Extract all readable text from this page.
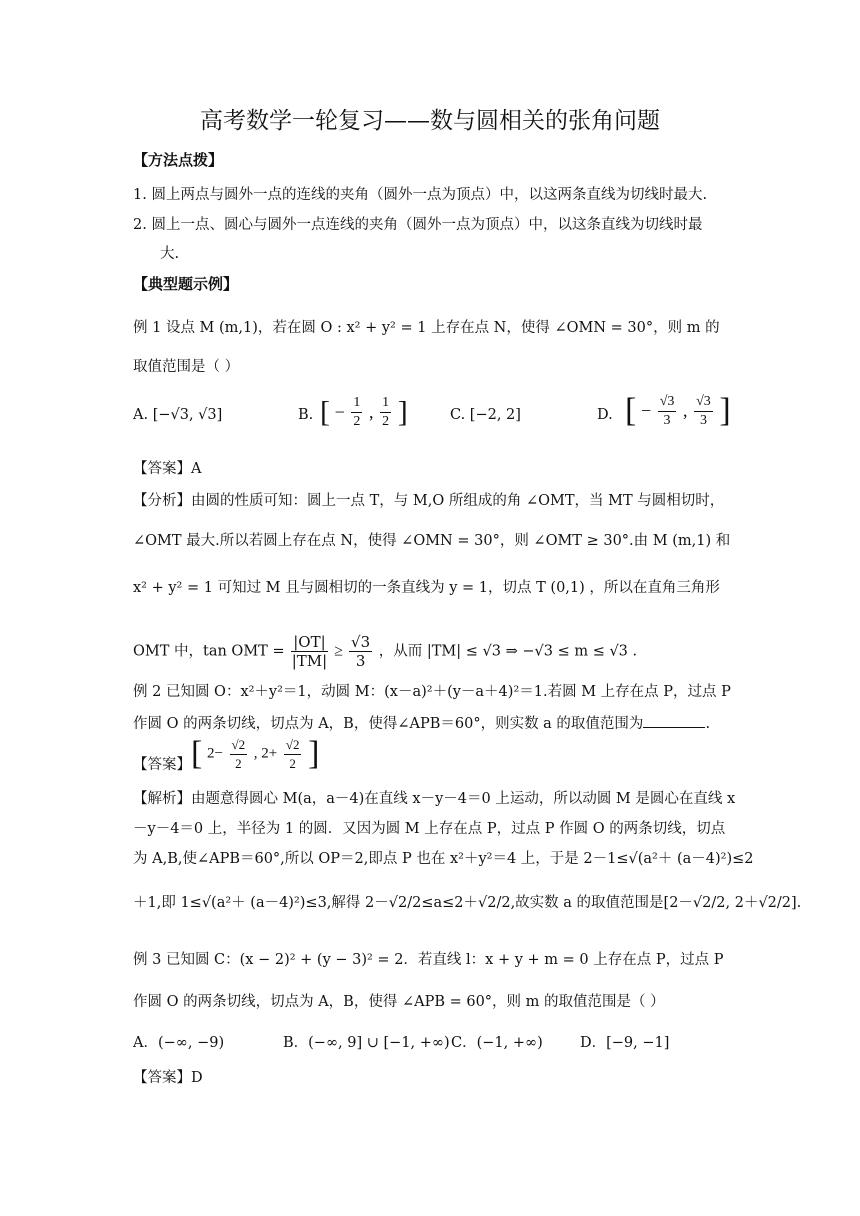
高考数学一轮复习——数与圆相关的张角问题
【方法点拨】
1. 圆上两点与圆外一点的连线的夹角（圆外一点为顶点）中，以这两条直线为切线时最大.
2. 圆上一点、圆心与圆外一点连线的夹角（圆外一点为顶点）中，以这条直线为切线时最
大.
【典型题示例】
例 1 设点 M (m,1)，若在圆 O : x² + y² = 1 上存在点 N，使得 ∠OMN = 30°，则 m 的
取值范围是（ ）
A. [−√3, √3]	B. [ − $\frac{1}{2}$ , $\frac{1}{2}$ ]	C. [−2, 2]	D. [ − $\frac{√3}{3}$ , $\frac{√3}{3}$ ]
【答案】A
【分析】由圆的性质可知：圆上一点 T，与 M,O 所组成的角 ∠OMT，当 MT 与圆相切时，
∠OMT 最大.所以若圆上存在点 N，使得 ∠OMN = 30°，则 ∠OMT ≥ 30°.由 M (m,1) 和
x² + y² = 1 可知过 M 且与圆相切的一条直线为 y = 1，切点 T (0,1) ，所以在直角三角形
OMT 中，tan OMT = $\frac{|OT|}{|TM|} \ge \frac{√3}{3}$ ，从而 |TM| ≤ √3 ⇒ −√3 ≤ m ≤ √3 .
例 2 已知圆 O：x²＋y²＝1，动圆 M：(x－a)²＋(y－a＋4)²＝1.若圆 M 上存在点 P，过点 P
作圆 O 的两条切线，切点为 A，B，使得∠APB＝60°，则实数 a 的取值范围为	.
【答案】 [ $2- \frac{√2}{2}$ , $2+ \frac{√2}{2}$ ]
【解析】由题意得圆心 M(a，a－4)在直线 x－y－4＝0 上运动，所以动圆 M 是圆心在直线 x
－y－4＝0 上，半径为 1 的圆．又因为圆 M 上存在点 P，过点 P 作圆 O 的两条切线，切点
为 A,B,使∠APB＝60°,所以 OP＝2,即点 P 也在 x²＋y²＝4 上，于是 2－1≤√(a²＋ (a－4)²)≤2
＋1,即 1≤√(a²＋ (a－4)²)≤3,解得 2－√2/2≤a≤2＋√2/2,故实数 a 的取值范围是[2－√2/2, 2＋√2/2].
例 3 已知圆 C：(x − 2)² + (y − 3)² = 2．若直线 l：x + y + m = 0 上存在点 P，过点 P
作圆 O 的两条切线，切点为 A，B，使得 ∠APB = 60°，则 m 的取值范围是（ ）
A．(−∞, −9)	B．(−∞, 9] ∪ [−1, +∞) C．(−1, +∞)	D．[−9, −1]
【答案】D
